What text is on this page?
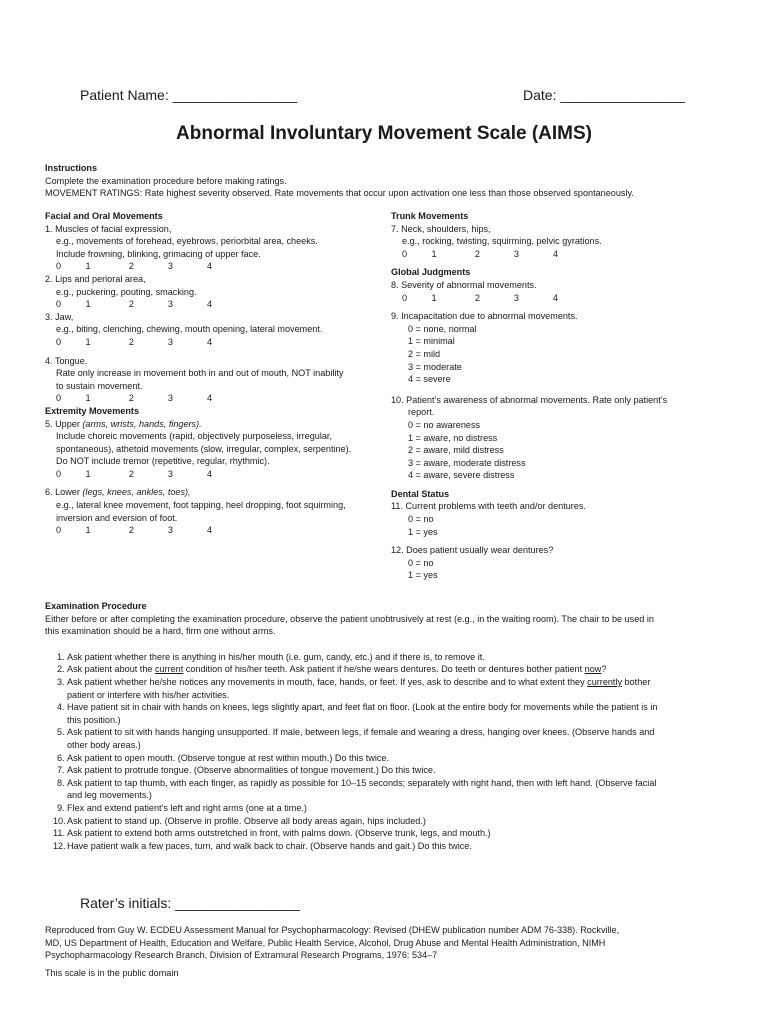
Patient Name: ________________	Date: ________________
Abnormal Involuntary Movement Scale (AIMS)
Instructions
Complete the examination procedure before making ratings.
MOVEMENT RATINGS: Rate highest severity observed. Rate movements that occur upon activation one less than those observed spontaneously.
Facial and Oral Movements
1. Muscles of facial expression,
e.g., movements of forehead, eyebrows, periorbital area, cheeks.
Include frowning, blinking, grimacing of upper face.
0	1	2	3	4
2. Lips and perioral area,
e.g., puckering, pouting, smacking.
0	1	2	3	4
3. Jaw,
e.g., biting, clenching, chewing, mouth opening, lateral movement.
0	1	2	3	4
4. Tongue.
Rate only increase in movement both in and out of mouth, NOT inability
to sustain movement.
0	1	2	3	4
Extremity Movements
5. Upper (arms, wrists, hands, fingers).
Include choreic movements (rapid, objectively purposeless, irregular,
spontaneous), athetoid movements (slow, irregular, complex, serpentine).
Do NOT include tremor (repetitive, regular, rhythmic).
0	1	2	3	4
6. Lower (legs, knees, ankles, toes),
e.g., lateral knee movement, foot tapping, heel dropping, foot squirming,
inversion and eversion of foot.
0	1	2	3	4
Trunk Movements
7. Neck, shoulders, hips,
e.g., rocking, twisting, squirming, pelvic gyrations.
0	1	2	3	4
Global Judgments
8. Severity of abnormal movements.
0	1	2	3	4
9. Incapacitation due to abnormal movements.
0 = none, normal
1 = minimal
2 = mild
3 = moderate
4 = severe
10. Patient’s awareness of abnormal movements. Rate only patient’s
report.
0 = no awareness
1 = aware, no distress
2 = aware, mild distress
3 = aware, moderate distress
4 = aware, severe distress
Dental Status
11. Current problems with teeth and/or dentures.
0 = no
1 = yes
12. Does patient usually wear dentures?
0 = no
1 = yes
Examination Procedure
Either before or after completing the examination procedure, observe the patient unobtrusively at rest (e.g., in the waiting room). The chair to be used in
this examination should be a hard, firm one without arms.
1. Ask patient whether there is anything in his/her mouth (i.e. gum, candy, etc.) and if there is, to remove it.
2. Ask patient about the current condition of his/her teeth. Ask patient if he/she wears dentures. Do teeth or dentures bother patient now?
3. Ask patient whether he/she notices any movements in mouth, face, hands, or feet. If yes, ask to describe and to what extent they currently bother
patient or interfere with his/her activities.
4. Have patient sit in chair with hands on knees, legs slightly apart, and feet flat on floor. (Look at the entire body for movements while the patient is in
this position.)
5. Ask patient to sit with hands hanging unsupported. If male, between legs, if female and wearing a dress, hanging over knees. (Observe hands and
other body areas.)
6. Ask patient to open mouth. (Observe tongue at rest within mouth.) Do this twice.
7. Ask patient to protrude tongue. (Observe abnormalities of tongue movement.) Do this twice.
8. Ask patient to tap thumb, with each finger, as rapidly as possible for 10–15 seconds; separately with right hand, then with left hand. (Observe facial
and leg movements.)
9. Flex and extend patient’s left and right arms (one at a time.)
10. Ask patient to stand up. (Observe in profile. Observe all body areas again, hips included.)
11. Ask patient to extend both arms outstretched in front, with palms down. (Observe trunk, legs, and mouth.)
12. Have patient walk a few paces, turn, and walk back to chair. (Observe hands and gait.) Do this twice.
Rater’s initials: ________________
Reproduced from Guy W. ECDEU Assessment Manual for Psychopharmacology: Revised (DHEW publication number ADM 76-338). Rockville,
MD, US Department of Health, Education and Welfare, Public Health Service, Alcohol, Drug Abuse and Mental Health Administration, NIMH
Psychopharmacology Research Branch, Division of Extramural Research Programs, 1976: 534–7
This scale is in the public domain
